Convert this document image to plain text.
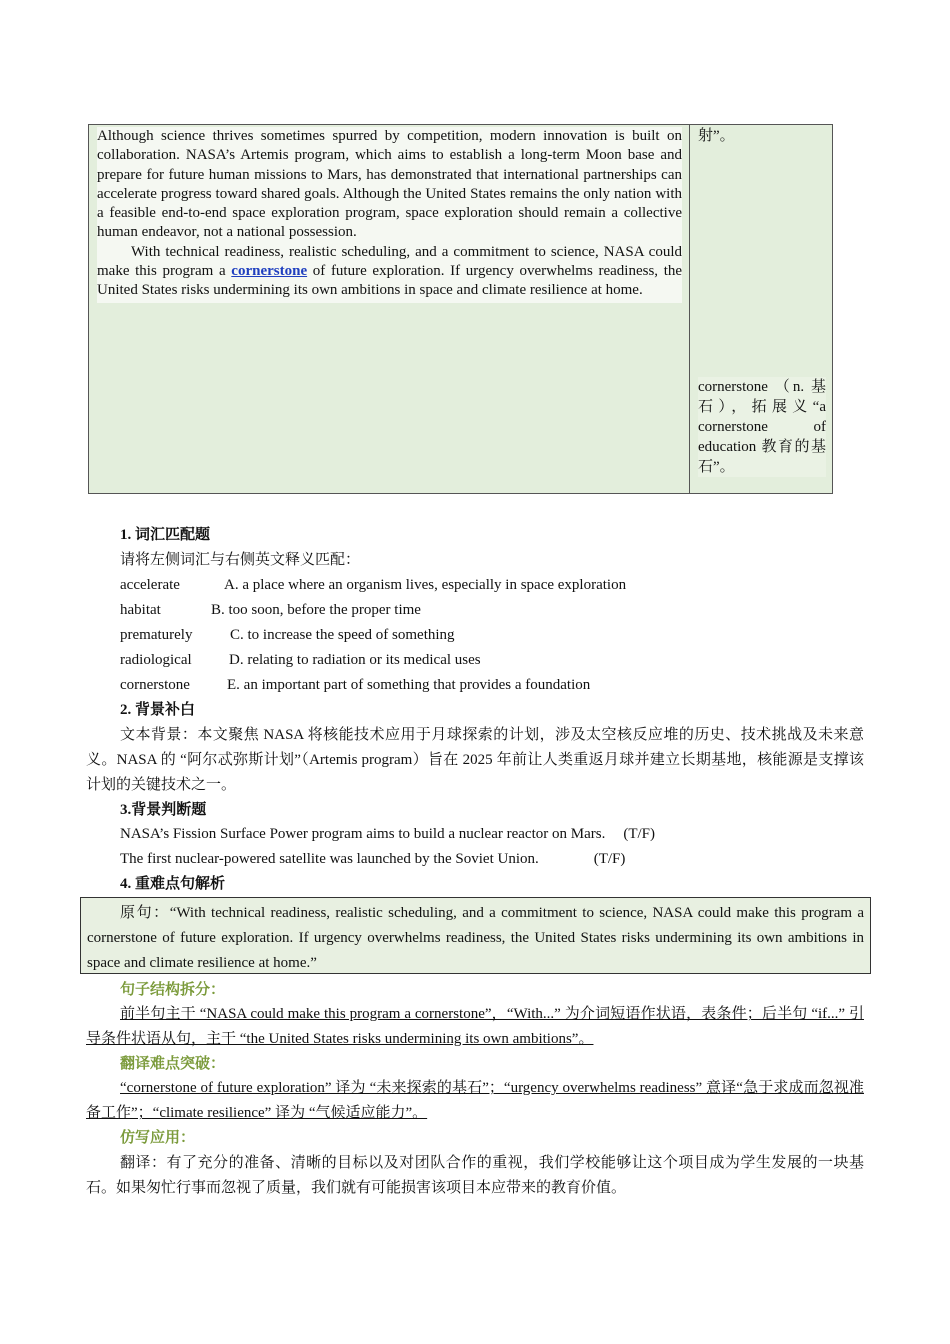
Although science thrives sometimes spurred by competition, modern innovation is built on collaboration. NASA’s Artemis program, which aims to establish a long-term Moon base and prepare for future human missions to Mars, has demonstrated that international partnerships can accelerate progress toward shared goals. Although the United States remains the only nation with a feasible end-to-end space exploration program, space exploration should remain a collective human endeavor, not a national possession.

With technical readiness, realistic scheduling, and a commitment to science, NASA could make this program a cornerstone of future exploration. If urgency overwhelms readiness, the United States risks undermining its own ambitions in space and climate resilience at home.

射”。
cornerstone （n. 基石），拓展义“a cornerstone of education 教育的基石”。
1. 词汇匹配题
请将左侧词汇与右侧英文释义匹配：
accelerate	A. a place where an organism lives, especially in space exploration
habitat	B. too soon, before the proper time
prematurely	C. to increase the speed of something
radiological D. relating to radiation or its medical uses
cornerstone E. an important part of something that provides a foundation
2. 背景补白
文本背景：本文聚焦 NASA 将核能技术应用于月球探索的计划，涉及太空核反应堆的历史、技术挑战及未来意义。NASA 的 “阿尔忒弥斯计划”（Artemis program）旨在 2025 年前让人类重返月球并建立长期基地，核能源是支撑该计划的关键技术之一。
3.背景判断题
NASA’s Fission Surface Power program aims to build a nuclear reactor on Mars. (T/F)
The first nuclear-powered satellite was launched by the Soviet Union.	(T/F)
4. 重难点句解析
原句：“With technical readiness, realistic scheduling, and a commitment to science, NASA could make this program a cornerstone of future exploration. If urgency overwhelms readiness, the United States risks undermining its own ambitions in space and climate resilience at home.”
句子结构拆分：
前半句主干 “NASA could make this program a cornerstone”，“With...” 为介词短语作状语，表条件；后半句 “if...” 引导条件状语从句，主干 “the United States risks undermining its own ambitions”。
翻译难点突破：
“cornerstone of future exploration” 译为 “未来探索的基石”；“urgency overwhelms readiness” 意译“急于求成而忽视准备工作”；“climate resilience” 译为 “气候适应能力”。
仿写应用：
翻译：有了充分的准备、清晰的目标以及对团队合作的重视，我们学校能够让这个项目成为学生发展的一块基石。如果匆忙行事而忽视了质量，我们就有可能损害该项目本应带来的教育价值。
